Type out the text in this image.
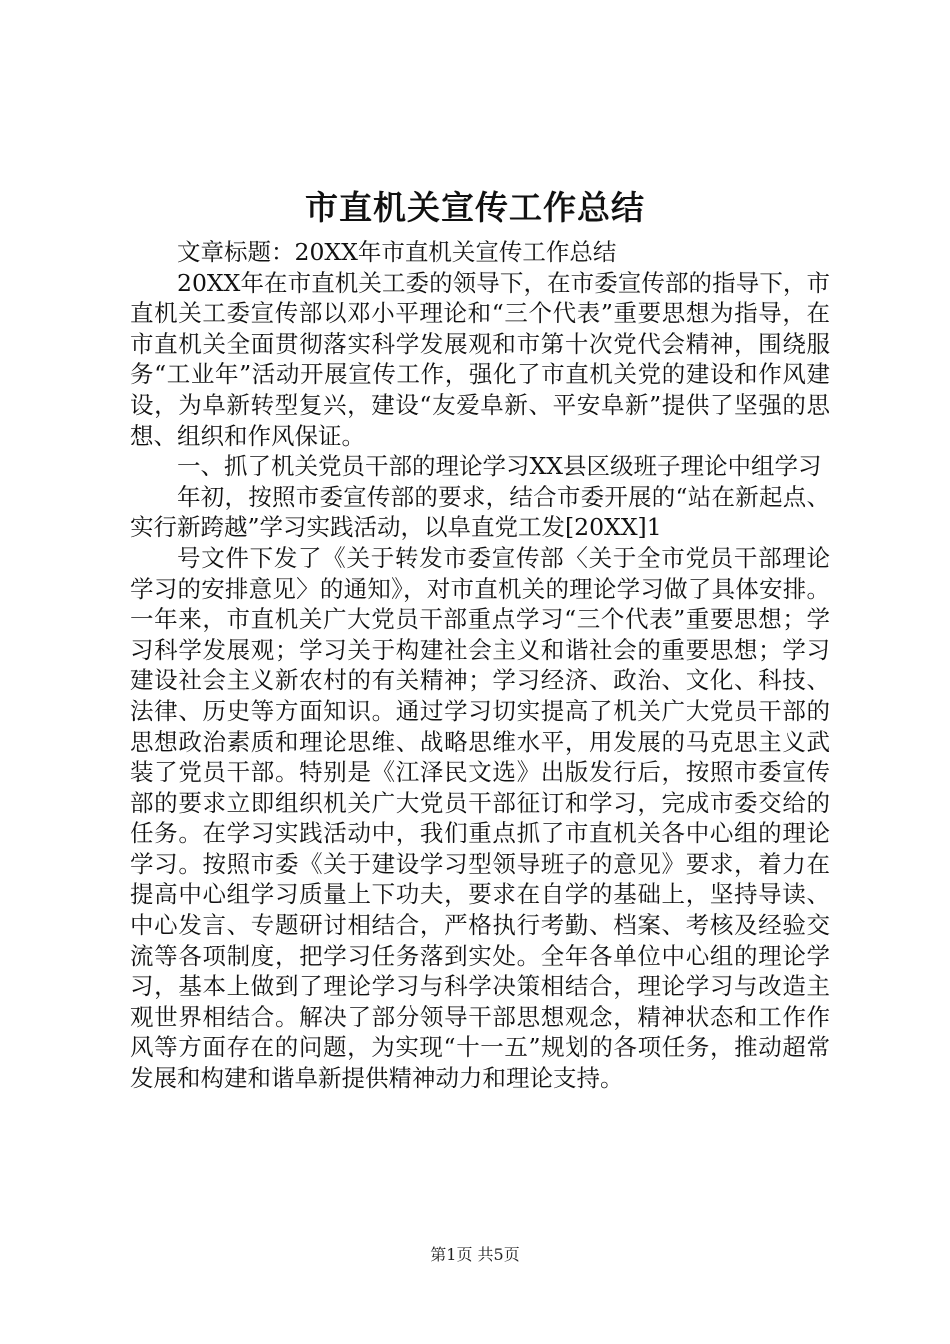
市直机关宣传工作总结

文章标题：20XX年市直机关宣传工作总结

20XX年在市直机关工委的领导下，在市委宣传部的指导下，市直机关工委宣传部以邓小平理论和“三个代表”重要思想为指导，在市直机关全面贯彻落实科学发展观和市第十次党代会精神，围绕服务“工业年”活动开展宣传工作，强化了市直机关党的建设和作风建设，为阜新转型复兴，建设“友爱阜新、平安阜新”提供了坚强的思想、组织和作风保证。

一、抓了机关党员干部的理论学习XX县区级班子理论中组学习

年初，按照市委宣传部的要求，结合市委开展的“站在新起点、实行新跨越”学习实践活动，以阜直党工发[20XX]1

号文件下发了《关于转发市委宣传部〈关于全市党员干部理论学习的安排意见〉的通知》，对市直机关的理论学习做了具体安排。一年来，市直机关广大党员干部重点学习“三个代表”重要思想；学习科学发展观；学习关于构建社会主义和谐社会的重要思想；学习建设社会主义新农村的有关精神；学习经济、政治、文化、科技、法律、历史等方面知识。通过学习切实提高了机关广大党员干部的思想政治素质和理论思维、战略思维水平，用发展的马克思主义武装了党员干部。特别是《江泽民文选》出版发行后，按照市委宣传部的要求立即组织机关广大党员干部征订和学习，完成市委交给的任务。在学习实践活动中，我们重点抓了市直机关各中心组的理论学习。按照市委《关于建设学习型领导班子的意见》要求，着力在提高中心组学习质量上下功夫，要求在自学的基础上，坚持导读、中心发言、专题研讨相结合，严格执行考勤、档案、考核及经验交流等各项制度，把学习任务落到实处。全年各单位中心组的理论学习，基本上做到了理论学习与科学决策相结合，理论学习与改造主观世界相结合。解决了部分领导干部思想观念，精神状态和工作作风等方面存在的问题，为实现“十一五”规划的各项任务，推动超常发展和构建和谐阜新提供精神动力和理论支持。

第1页 共5页
